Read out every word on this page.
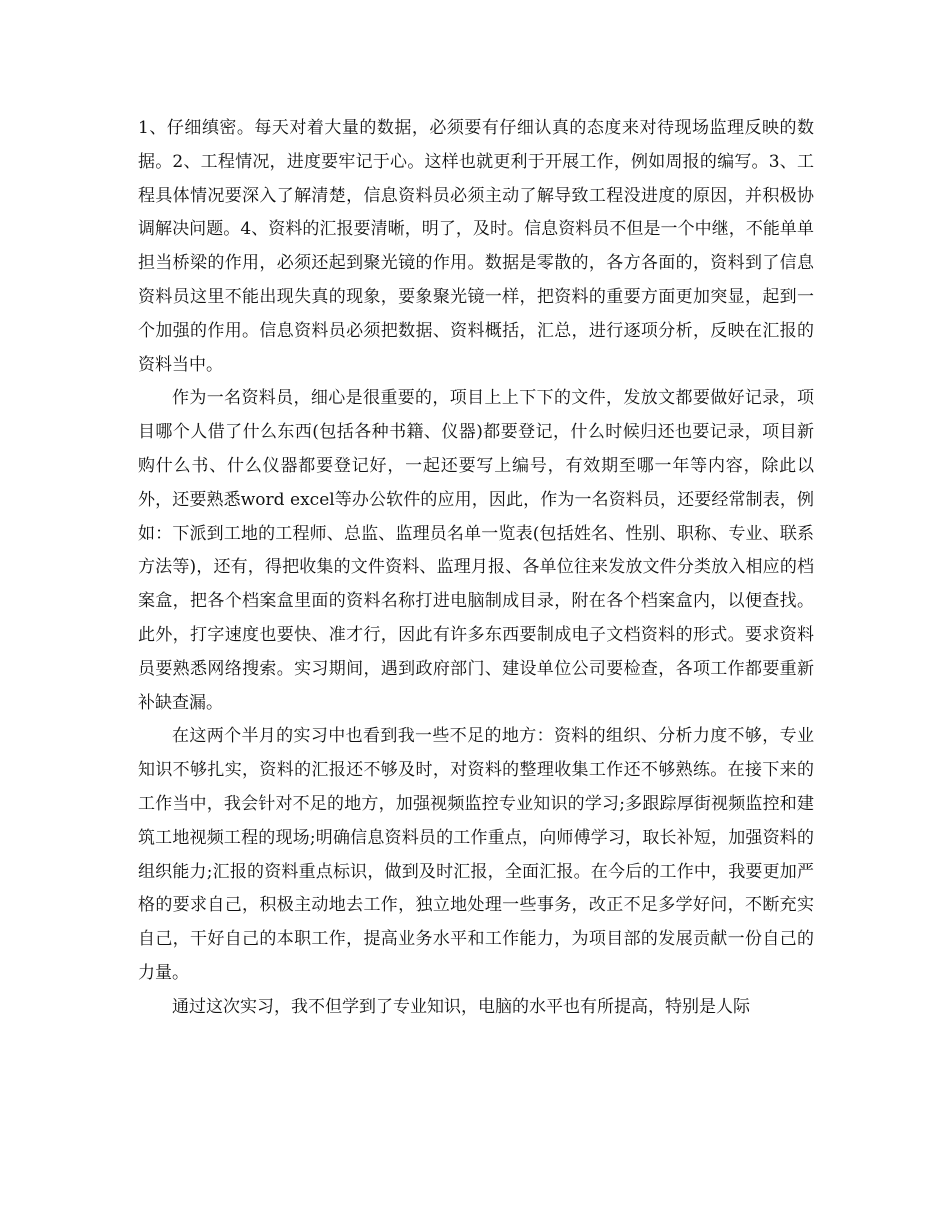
1、仔细缜密。每天对着大量的数据，必须要有仔细认真的态度来对待现场监理反映的数据。2、工程情况，进度要牢记于心。这样也就更利于开展工作，例如周报的编写。3、工程具体情况要深入了解清楚，信息资料员必须主动了解导致工程没进度的原因，并积极协调解决问题。4、资料的汇报要清晰，明了，及时。信息资料员不但是一个中继，不能单单担当桥梁的作用，必须还起到聚光镜的作用。数据是零散的，各方各面的，资料到了信息资料员这里不能出现失真的现象，要象聚光镜一样，把资料的重要方面更加突显，起到一个加强的作用。信息资料员必须把数据、资料概括，汇总，进行逐项分析，反映在汇报的资料当中。

作为一名资料员，细心是很重要的，项目上上下下的文件，发放文都要做好记录，项目哪个人借了什么东西(包括各种书籍、仪器)都要登记，什么时候归还也要记录，项目新购什么书、什么仪器都要登记好，一起还要写上编号，有效期至哪一年等内容，除此以外，还要熟悉word excel等办公软件的应用，因此，作为一名资料员，还要经常制表，例如：下派到工地的工程师、总监、监理员名单一览表(包括姓名、性别、职称、专业、联系方法等)，还有，得把收集的文件资料、监理月报、各单位往来发放文件分类放入相应的档案盒，把各个档案盒里面的资料名称打进电脑制成目录，附在各个档案盒内，以便查找。此外，打字速度也要快、准才行，因此有许多东西要制成电子文档资料的形式。要求资料员要熟悉网络搜索。实习期间，遇到政府部门、建设单位公司要检查，各项工作都要重新补缺查漏。

在这两个半月的实习中也看到我一些不足的地方：资料的组织、分析力度不够，专业知识不够扎实，资料的汇报还不够及时，对资料的整理收集工作还不够熟练。在接下来的工作当中，我会针对不足的地方，加强视频监控专业知识的学习;多跟踪厚街视频监控和建筑工地视频工程的现场;明确信息资料员的工作重点，向师傅学习，取长补短，加强资料的组织能力;汇报的资料重点标识，做到及时汇报，全面汇报。在今后的工作中，我要更加严格的要求自己，积极主动地去工作，独立地处理一些事务，改正不足多学好问，不断充实自己，干好自己的本职工作，提高业务水平和工作能力，为项目部的发展贡献一份自己的力量。

通过这次实习，我不但学到了专业知识，电脑的水平也有所提高，特别是人际
